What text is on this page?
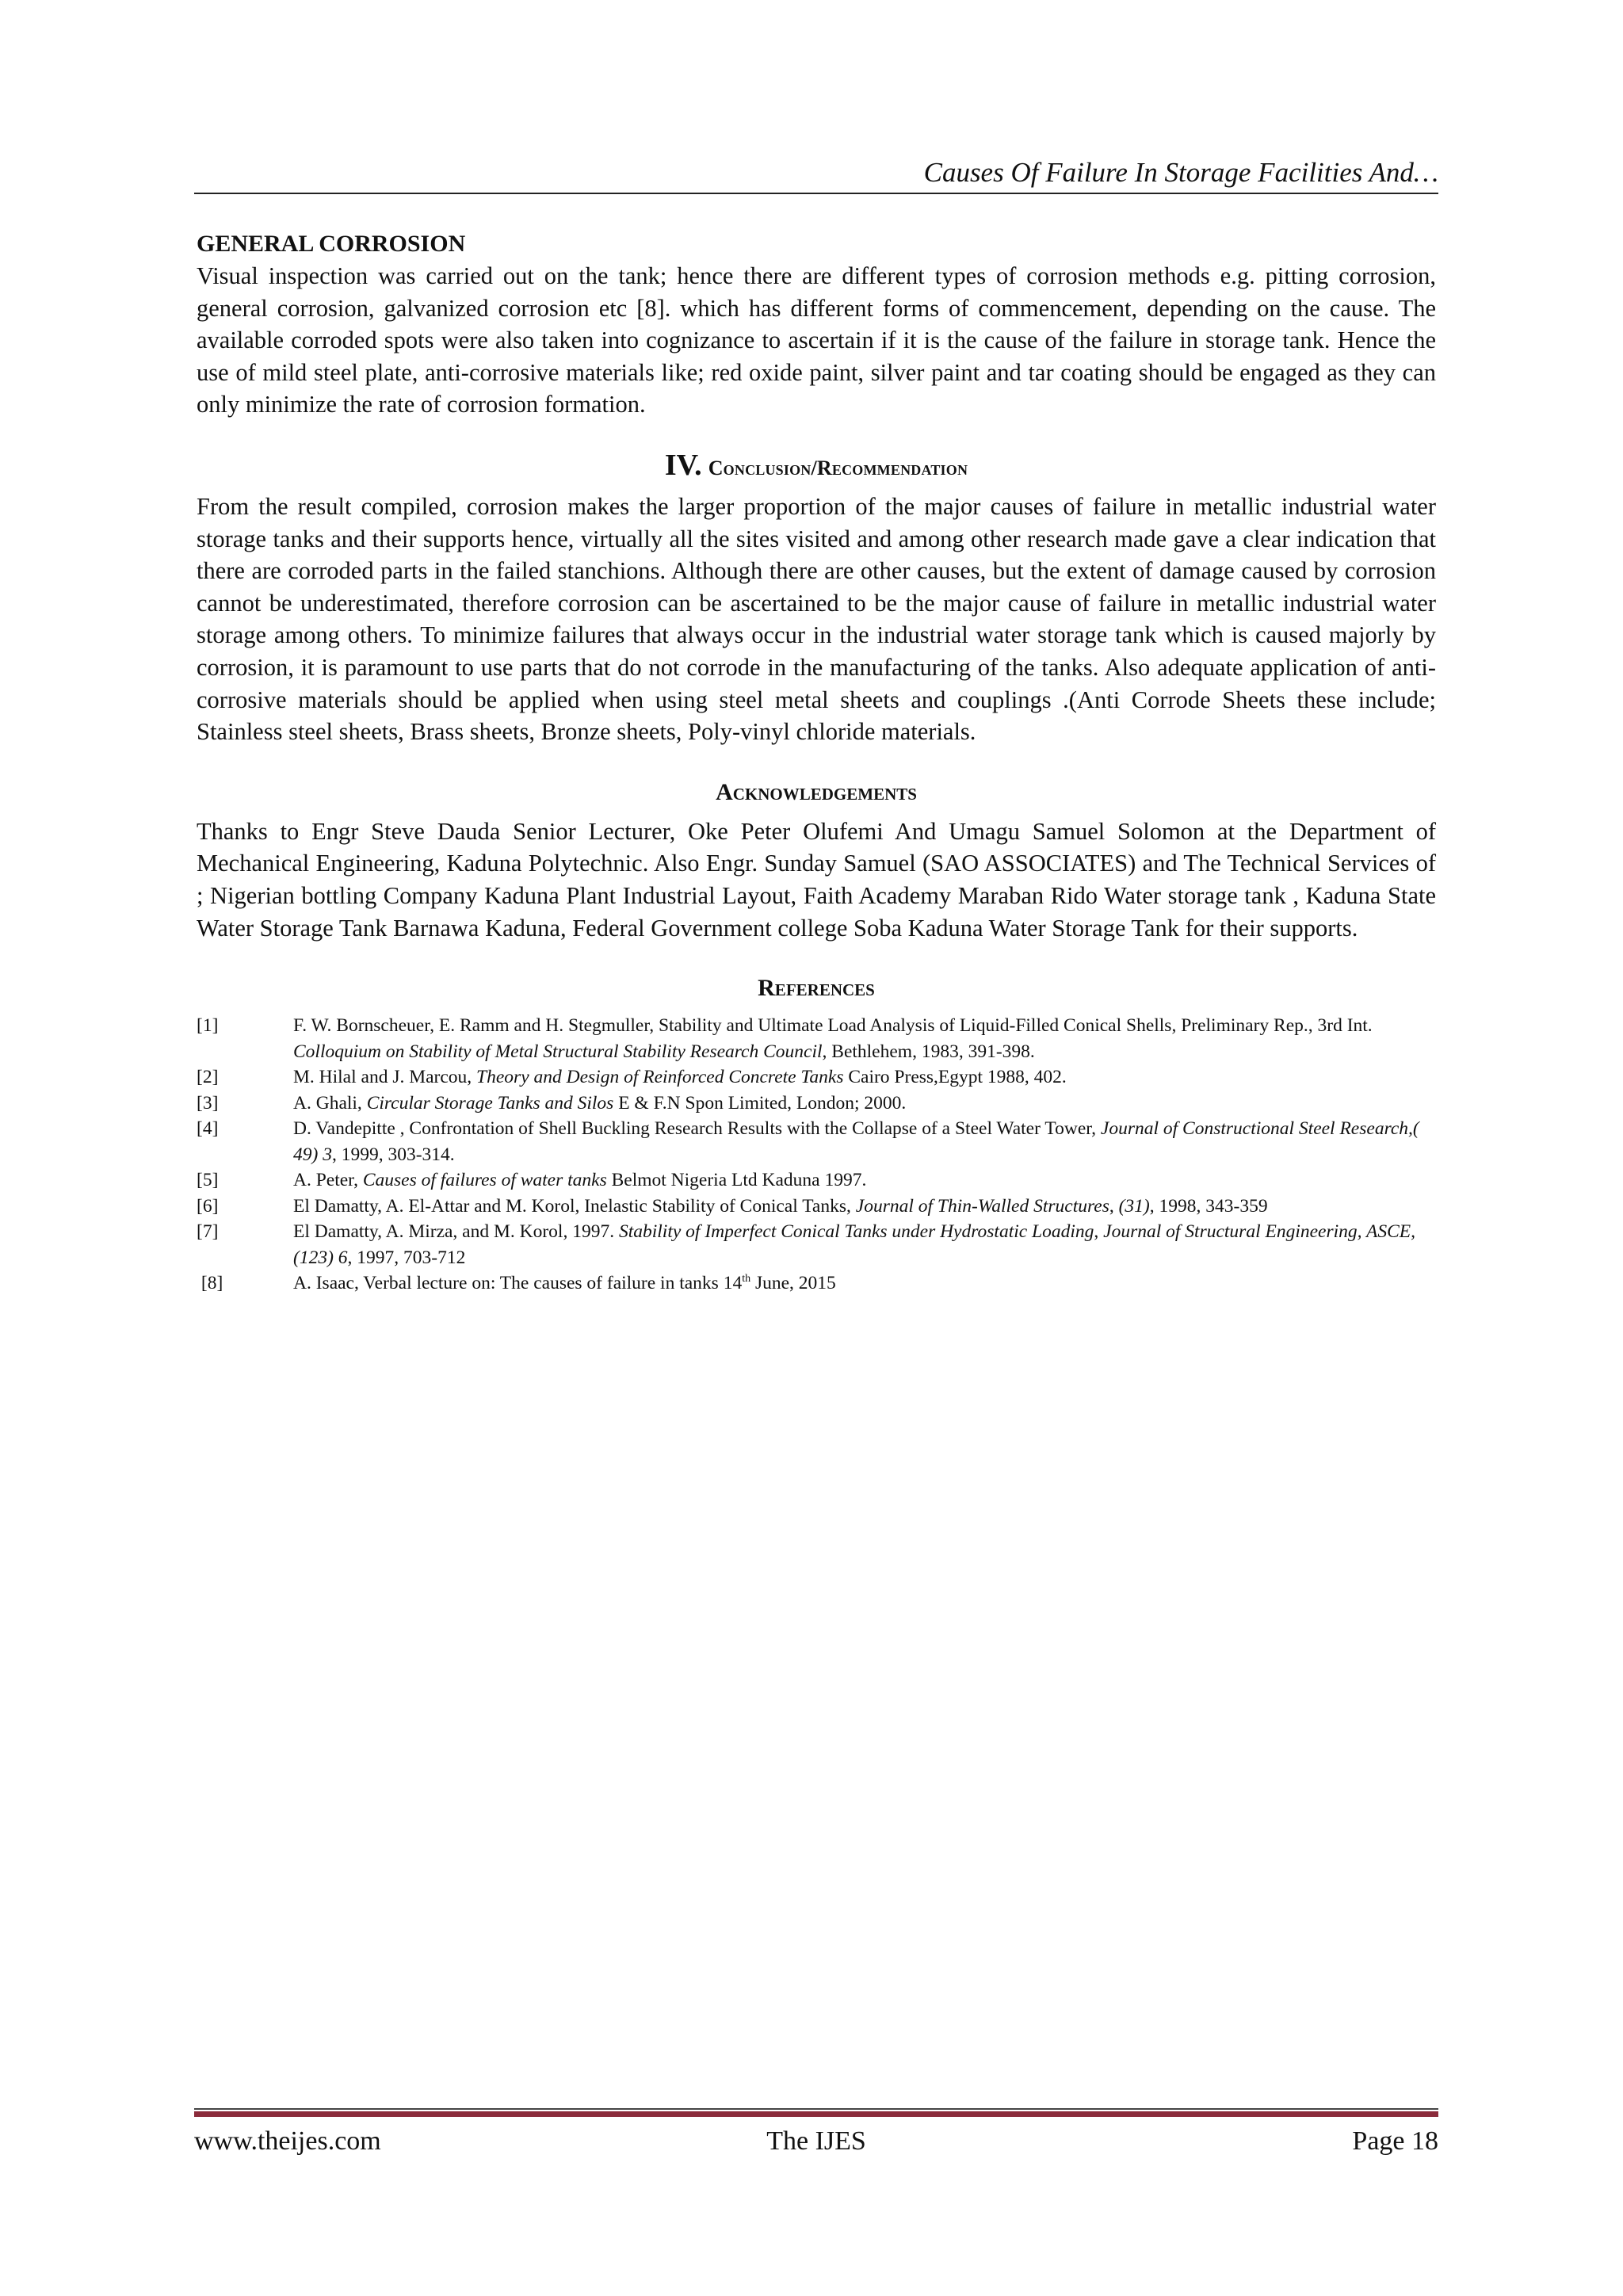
Causes Of Failure In Storage Facilities And…
GENERAL CORROSION

Visual inspection was carried out on the tank; hence there are different types of corrosion methods e.g. pitting corrosion, general corrosion, galvanized corrosion etc [8]. which has different forms of commencement, depending on the cause. The available corroded spots were also taken into cognizance to ascertain if it is the cause of the failure in storage tank. Hence the use of mild steel plate, anti-corrosive materials like; red oxide paint, silver paint and tar coating should be engaged as they can only minimize the rate of corrosion formation.

IV. Conclusion/Recommendation

From the result compiled, corrosion makes the larger proportion of the major causes of failure in metallic industrial water storage tanks and their supports hence, virtually all the sites visited and among other research made gave a clear indication that there are corroded parts in the failed stanchions. Although there are other causes, but the extent of damage caused by corrosion cannot be underestimated, therefore corrosion can be ascertained to be the major cause of failure in metallic industrial water storage among others. To minimize failures that always occur in the industrial water storage tank which is caused majorly by corrosion, it is paramount to use parts that do not corrode in the manufacturing of the tanks. Also adequate application of anti-corrosive materials should be applied when using steel metal sheets and couplings .(Anti Corrode Sheets these include; Stainless steel sheets, Brass sheets, Bronze sheets, Poly-vinyl chloride materials.

Acknowledgements

Thanks to Engr Steve Dauda Senior Lecturer, Oke Peter Olufemi And Umagu Samuel Solomon at the Department of Mechanical Engineering, Kaduna Polytechnic. Also Engr. Sunday Samuel (SAO ASSOCIATES) and The Technical Services of ; Nigerian bottling Company Kaduna Plant Industrial Layout, Faith Academy Maraban Rido Water storage tank , Kaduna State Water Storage Tank Barnawa Kaduna, Federal Government college Soba Kaduna Water Storage Tank for their supports.

References
[1]	F. W. Bornscheuer, E. Ramm and H. Stegmuller, Stability and Ultimate Load Analysis of Liquid-Filled Conical Shells, Preliminary Rep., 3rd Int. Colloquium on Stability of Metal Structural Stability Research Council, Bethlehem, 1983, 391-398.
[2]	M. Hilal and J. Marcou, Theory and Design of Reinforced Concrete Tanks Cairo Press,Egypt 1988, 402.
[3]	A. Ghali, Circular Storage Tanks and Silos E & F.N Spon Limited, London; 2000.
[4]	D. Vandepitte , Confrontation of Shell Buckling Research Results with the Collapse of a Steel Water Tower, Journal of Constructional Steel Research,( 49) 3, 1999, 303-314.
[5]	A. Peter, Causes of failures of water tanks Belmot Nigeria Ltd Kaduna 1997.
[6]	El Damatty, A. El-Attar and M. Korol, Inelastic Stability of Conical Tanks, Journal of Thin-Walled Structures, (31), 1998, 343-359
[7]	El Damatty, A. Mirza, and M. Korol, 1997. Stability of Imperfect Conical Tanks under Hydrostatic Loading, Journal of Structural Engineering, ASCE, (123) 6, 1997, 703-712
[8]	A. Isaac, Verbal lecture on: The causes of failure in tanks 14th June, 2015
www.theijes.com	The IJES	Page 18
